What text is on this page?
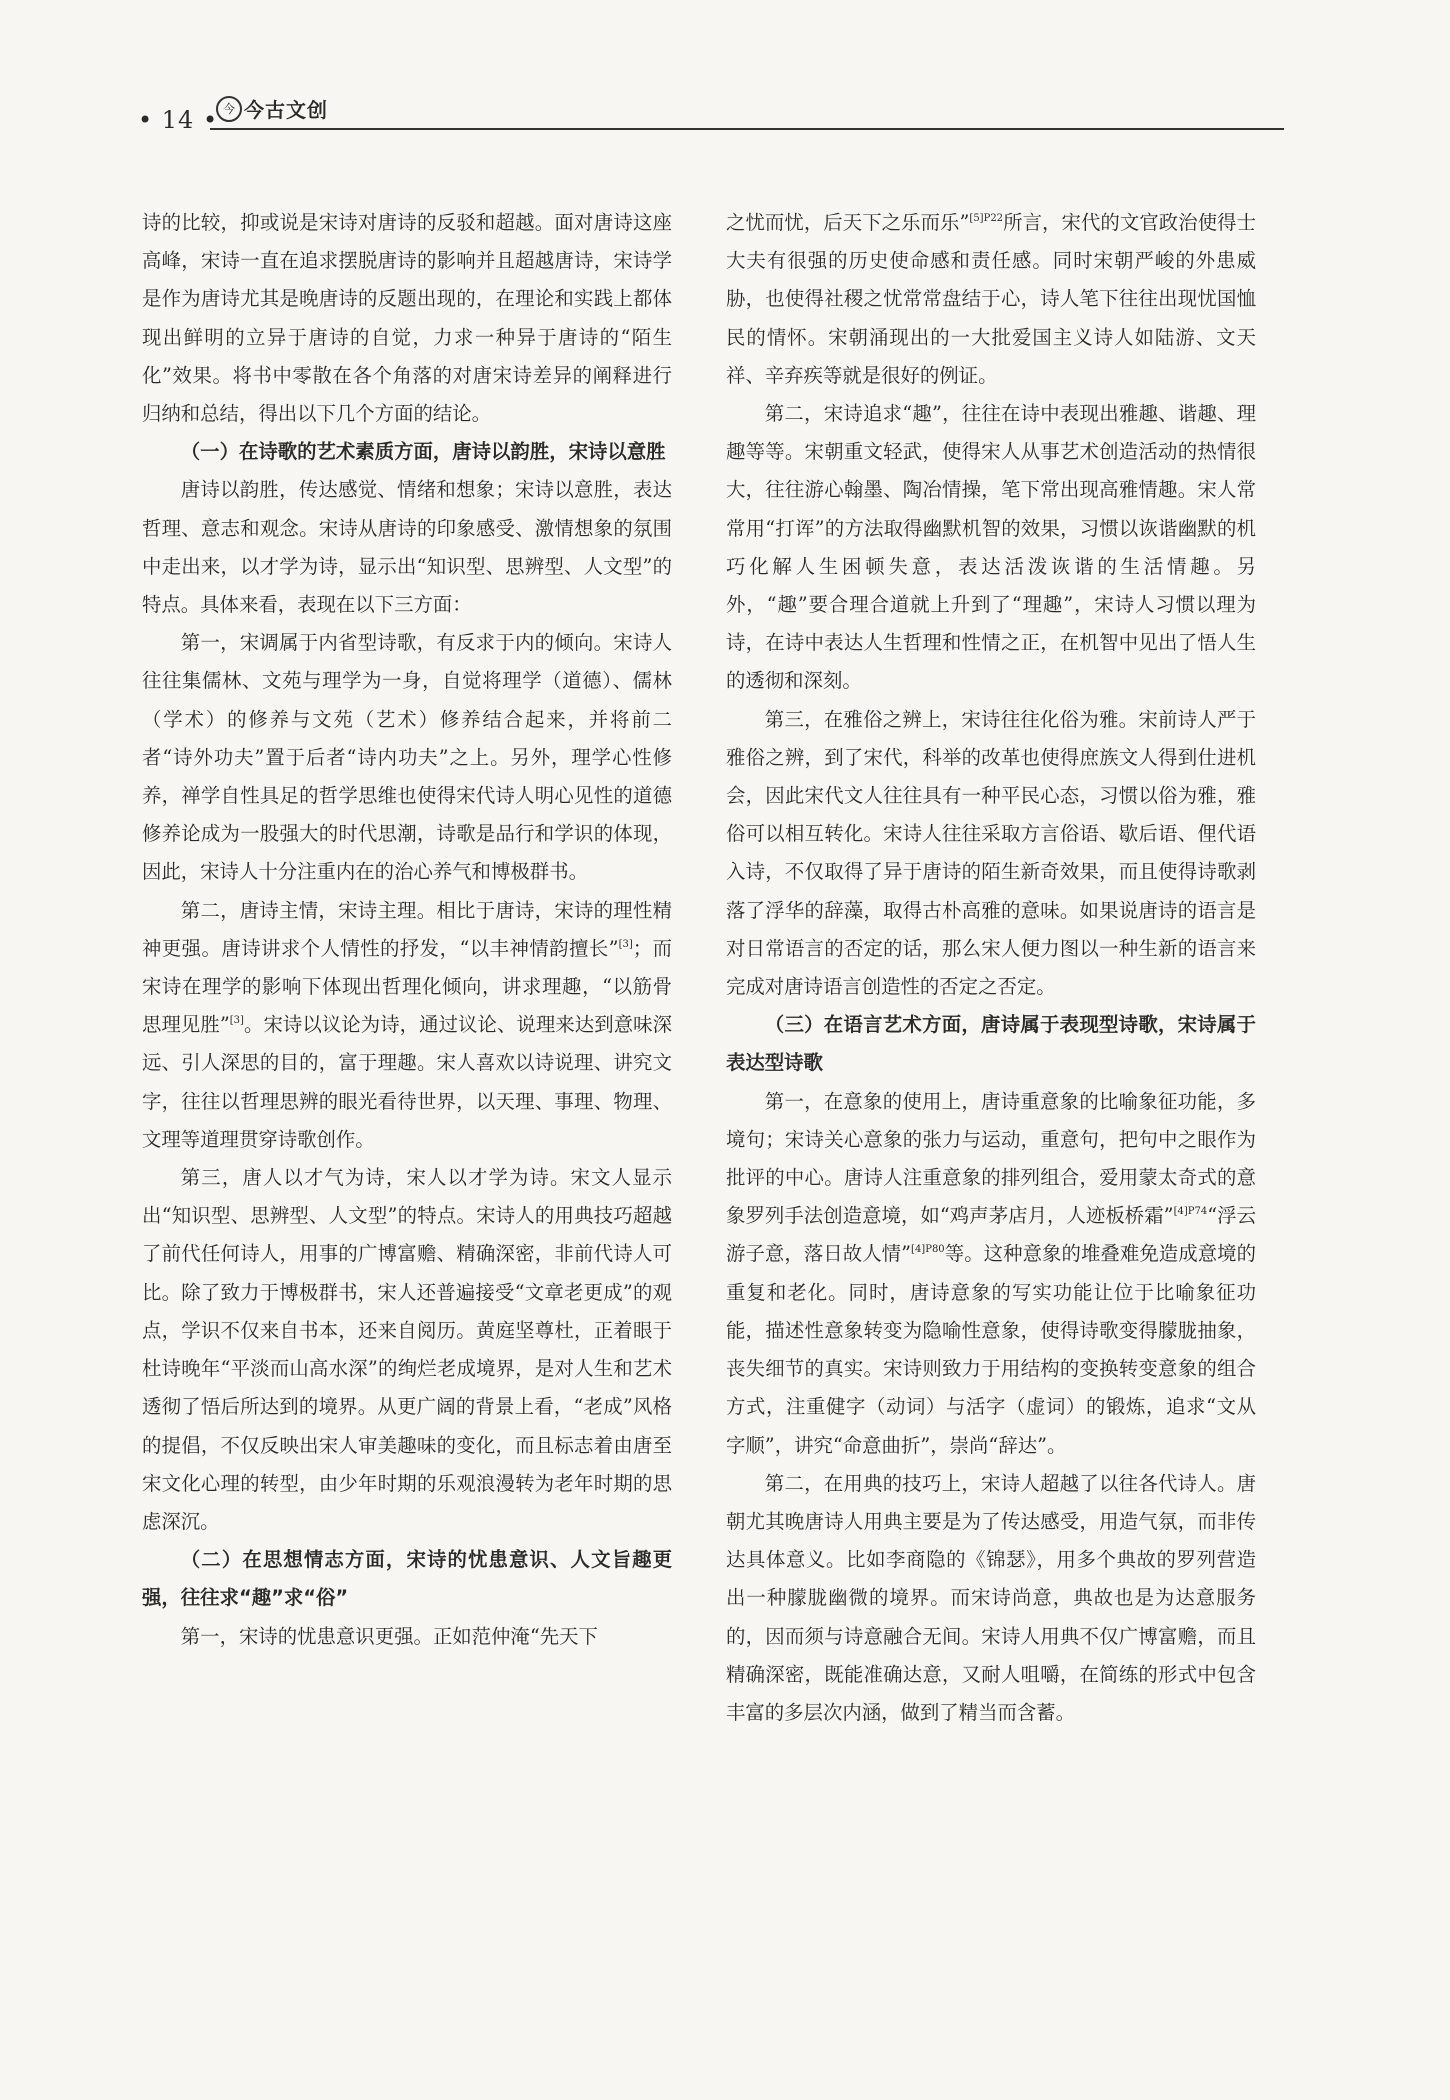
• 14 • 今 今古文创

诗的比较，抑或说是宋诗对唐诗的反驳和超越。面对唐诗这座高峰，宋诗一直在追求摆脱唐诗的影响并且超越唐诗，宋诗学是作为唐诗尤其是晚唐诗的反题出现的，在理论和实践上都体现出鲜明的立异于唐诗的自觉，力求一种异于唐诗的“陌生化”效果。将书中零散在各个角落的对唐宋诗差异的阐释进行归纳和总结，得出以下几个方面的结论。

（一）在诗歌的艺术素质方面，唐诗以韵胜，宋诗以意胜

唐诗以韵胜，传达感觉、情绪和想象；宋诗以意胜，表达哲理、意志和观念。宋诗从唐诗的印象感受、激情想象的氛围中走出来，以才学为诗，显示出“知识型、思辨型、人文型”的特点。具体来看，表现在以下三方面：

第一，宋调属于内省型诗歌，有反求于内的倾向。宋诗人往往集儒林、文苑与理学为一身，自觉将理学（道德）、儒林（学术）的修养与文苑（艺术）修养结合起来，并将前二者“诗外功夫”置于后者“诗内功夫”之上。另外，理学心性修养，禅学自性具足的哲学思维也使得宋代诗人明心见性的道德修养论成为一股强大的时代思潮，诗歌是品行和学识的体现，因此，宋诗人十分注重内在的治心养气和博极群书。

第二，唐诗主情，宋诗主理。相比于唐诗，宋诗的理性精神更强。唐诗讲求个人情性的抒发，“以丰神情韵擅长”[3]；而宋诗在理学的影响下体现出哲理化倾向，讲求理趣，“以筋骨思理见胜”[3]。宋诗以议论为诗，通过议论、说理来达到意味深远、引人深思的目的，富于理趣。宋人喜欢以诗说理、讲究文字，往往以哲理思辨的眼光看待世界，以天理、事理、物理、文理等道理贯穿诗歌创作。

第三，唐人以才气为诗，宋人以才学为诗。宋文人显示出“知识型、思辨型、人文型”的特点。宋诗人的用典技巧超越了前代任何诗人，用事的广博富赡、精确深密，非前代诗人可比。除了致力于博极群书，宋人还普遍接受“文章老更成”的观点，学识不仅来自书本，还来自阅历。黄庭坚尊杜，正着眼于杜诗晚年“平淡而山高水深”的绚烂老成境界，是对人生和艺术透彻了悟后所达到的境界。从更广阔的背景上看，“老成”风格的提倡，不仅反映出宋人审美趣味的变化，而且标志着由唐至宋文化心理的转型，由少年时期的乐观浪漫转为老年时期的思虑深沉。

（二）在思想情志方面，宋诗的忧患意识、人文旨趣更强，往往求“趣”求“俗”

第一，宋诗的忧患意识更强。正如范仲淹“先天下

之忧而忧，后天下之乐而乐”$^{[5]P22}$所言，宋代的文官政治使得士大夫有很强的历史使命感和责任感。同时宋朝严峻的外患威胁，也使得社稷之忧常常盘结于心，诗人笔下往往出现忧国恤民的情怀。宋朝涌现出的一大批爱国主义诗人如陆游、文天祥、辛弃疾等就是很好的例证。

第二，宋诗追求“趣”，往往在诗中表现出雅趣、谐趣、理趣等等。宋朝重文轻武，使得宋人从事艺术创造活动的热情很大，往往游心翰墨、陶冶情操，笔下常出现高雅情趣。宋人常常用“打诨”的方法取得幽默机智的效果，习惯以诙谐幽默的机巧化解人生困顿失意，表达活泼诙谐的生活情趣。另外，“趣”要合理合道就上升到了“理趣”，宋诗人习惯以理为诗，在诗中表达人生哲理和性情之正，在机智中见出了悟人生的透彻和深刻。

第三，在雅俗之辨上，宋诗往往化俗为雅。宋前诗人严于雅俗之辨，到了宋代，科举的改革也使得庶族文人得到仕进机会，因此宋代文人往往具有一种平民心态，习惯以俗为雅，雅俗可以相互转化。宋诗人往往采取方言俗语、歇后语、俚代语入诗，不仅取得了异于唐诗的陌生新奇效果，而且使得诗歌剥落了浮华的辞藻，取得古朴高雅的意味。如果说唐诗的语言是对日常语言的否定的话，那么宋人便力图以一种生新的语言来完成对唐诗语言创造性的否定之否定。

（三）在语言艺术方面，唐诗属于表现型诗歌，宋诗属于表达型诗歌

第一，在意象的使用上，唐诗重意象的比喻象征功能，多境句；宋诗关心意象的张力与运动，重意句，把句中之眼作为批评的中心。唐诗人注重意象的排列组合，爱用蒙太奇式的意象罗列手法创造意境，如“鸡声茅店月，人迹板桥霜”$^{[4]P74}$“浮云游子意，落日故人情”$^{[4]P80}$等。这种意象的堆叠难免造成意境的重复和老化。同时，唐诗意象的写实功能让位于比喻象征功能，描述性意象转变为隐喻性意象，使得诗歌变得朦胧抽象，丧失细节的真实。宋诗则致力于用结构的变换转变意象的组合方式，注重健字（动词）与活字（虚词）的锻炼，追求“文从字顺”，讲究“命意曲折”，崇尚“辞达”。

第二，在用典的技巧上，宋诗人超越了以往各代诗人。唐朝尤其晚唐诗人用典主要是为了传达感受，用造气氛，而非传达具体意义。比如李商隐的《锦瑟》，用多个典故的罗列营造出一种朦胧幽微的境界。而宋诗尚意，典故也是为达意服务的，因而须与诗意融合无间。宋诗人用典不仅广博富赡，而且精确深密，既能准确达意，又耐人咀嚼，在简练的形式中包含丰富的多层次内涵，做到了精当而含蓄。
